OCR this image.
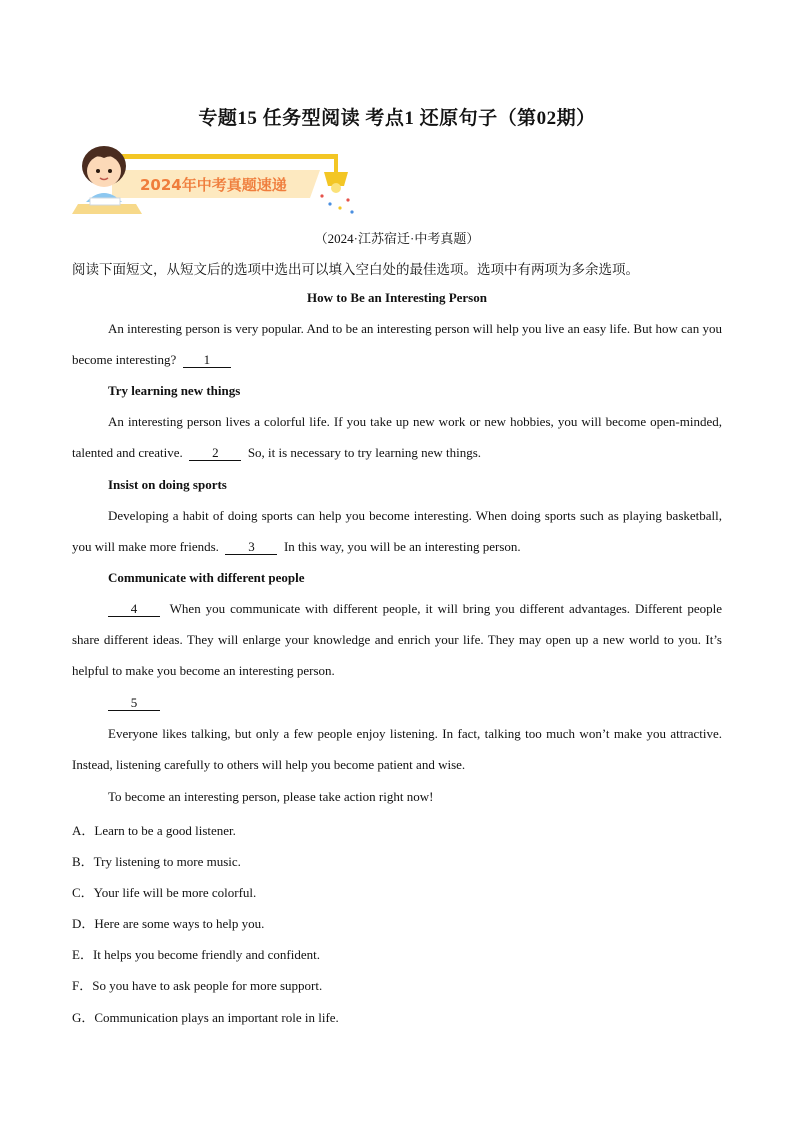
专题15 任务型阅读 考点1 还原句子（第02期）
2024年中考真题速递
（2024·江苏宿迁·中考真题）
阅读下面短文，从短文后的选项中选出可以填入空白处的最佳选项。选项中有两项为多余选项。
How to Be an Interesting Person

An interesting person is very popular. And to be an interesting person will help you live an easy life. But how can you become interesting? 1

Try learning new things

An interesting person lives a colorful life. If you take up new work or new hobbies, you will become open-minded, talented and creative. 2 So, it is necessary to try learning new things.

Insist on doing sports

Developing a habit of doing sports can help you become interesting. When doing sports such as playing basketball, you will make more friends. 3 In this way, you will be an interesting person.

Communicate with different people

4 When you communicate with different people, it will bring you different advantages. Different people share different ideas. They will enlarge your knowledge and enrich your life. They may open up a new world to you. It’s helpful to make you become an interesting person.

5

Everyone likes talking, but only a few people enjoy listening. In fact, talking too much won’t make you attractive. Instead, listening carefully to others will help you become patient and wise.

To become an interesting person, please take action right now!

A．Learn to be a good listener.
B．Try listening to more music.
C．Your life will be more colorful.
D．Here are some ways to help you.
E．It helps you become friendly and confident.
F．So you have to ask people for more support.
G．Communication plays an important role in life.
